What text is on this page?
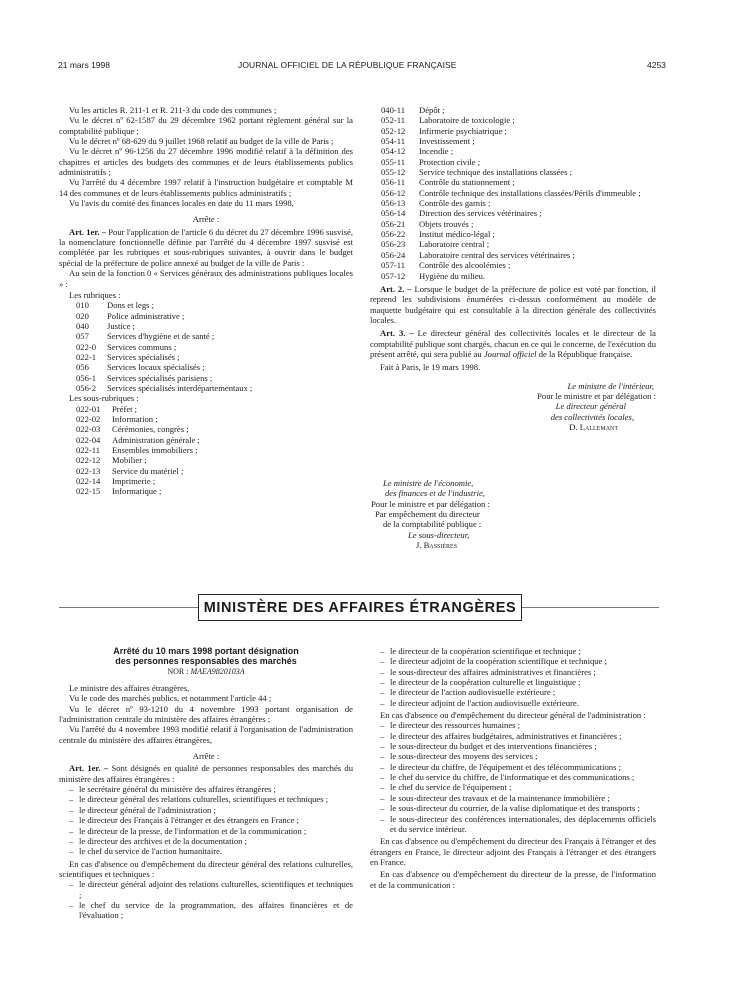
21 mars 1998	JOURNAL OFFICIEL DE LA RÉPUBLIQUE FRANÇAISE	4253

Vu les articles R. 211-1 et R. 211-3 du code des communes ;

Vu le décret nº 62-1587 du 29 décembre 1962 portant règlement général sur la comptabilité publique ;

Vu le décret nº 68-629 du 9 juillet 1968 relatif au budget de la ville de Paris ;

Vu le décret nº 96-1256 du 27 décembre 1996 modifié relatif à la définition des chapitres et articles des budgets des communes et de leurs établissements publics administratifs ;

Vu l'arrêté du 4 décembre 1997 relatif à l'instruction budgétaire et comptable M 14 des communes et de leurs établissements publics administratifs ;

Vu l'avis du comité des finances locales en date du 11 mars 1998,

Arrête :

Art. 1er. – Pour l'application de l'article 6 du décret du 27 décembre 1996 susvisé, la nomenclature fonctionnelle définie par l'arrêté du 4 décembre 1997 susvisé est complétée par les rubriques et sous-rubriques suivantes, à ouvrir dans le budget spécial de la préfecture de police annexé au budget de la ville de Paris :

Au sein de la fonction 0 « Services généraux des administrations publiques locales » :

Les rubriques :

010	Dons et legs ;
020	Police administrative ;
040	Justice ;
057	Services d'hygiène et de santé ;
022-0	Services communs ;
022-1	Services spécialisés ;
056	Services locaux spécialisés ;
056-1	Services spécialisés parisiens ;
056-2	Services spécialisés interdépartementaux ;

Les sous-rubriques :

022-01	Préfet ;
022-02	Information ;
022-03	Cérémonies, congrès ;
022-04	Administration générale ;
022-11	Ensembles immobiliers ;
022-12	Mobilier ;
022-13	Service du matériel ;
022-14	Imprimerie ;
022-15	Informatique ;
040-11	Dépôt ;
052-11	Laboratoire de toxicologie ;
052-12	Infirmerie psychiatrique ;
054-11	Investissement ;
054-12	Incendie ;
055-11	Protection civile ;
055-12	Service technique des installations classées ;
056-11	Contrôle du stationnement ;
056-12	Contrôle technique des installations classées/Périls d'immeuble ;
056-13	Contrôle des garnis ;
056-14	Direction des services vétérinaires ;
056-21	Objets trouvés ;
056-22	Institut médico-légal ;
056-23	Laboratoire central ;
056-24	Laboratoire central des services vétérinaires ;
057-11	Contrôle des alcoolémies ;
057-12	Hygiène du milieu.

Art. 2. – Lorsque le budget de la préfecture de police est voté par fonction, il reprend les subdivisions énumérées ci-dessus conformément au modèle de maquette budgétaire qui est consultable à la direction générale des collectivités locales.

Art. 3. – Le directeur général des collectivités locales et le directeur de la comptabilité publique sont chargés, chacun en ce qui le concerne, de l'exécution du présent arrêté, qui sera publié au Journal officiel de la République française.

Fait à Paris, le 19 mars 1998.

Le ministre de l'intérieur,

Pour le ministre et par délégation :

Le directeur général

des collectivités locales,

D. Lallemant

Le ministre de l'économie,

des finances et de l'industrie,

Pour le ministre et par délégation :

Par empêchement du directeur

de la comptabilité publique :

Le sous-directeur,

J. Bassières

MINISTÈRE DES AFFAIRES ÉTRANGÈRES

Arrêté du 10 mars 1998 portant désignation

des personnes responsables des marchés

NOR : MAEA9820103A

Le ministre des affaires étrangères,

Vu le code des marchés publics, et notamment l'article 44 ;

Vu le décret nº 93-1210 du 4 novembre 1993 portant organisation de l'administration centrale du ministère des affaires étrangères ;

Vu l'arrêté du 4 novembre 1993 modifié relatif à l'organisation de l'administration centrale du ministère des affaires étrangères,

Arrête :

Art. 1er. – Sont désignés en qualité de personnes responsables des marchés du ministère des affaires étrangères :

– le secrétaire général du ministère des affaires étrangères ;
– le directeur général des relations culturelles, scientifiques et techniques ;
– le directeur général de l'administration ;
– le directeur des Français à l'étranger et des étrangers en France ;
– le directeur de la presse, de l'information et de la communication ;
– le directeur des archives et de la documentation ;
– le chef du service de l'action humanitaire.

En cas d'absence ou d'empêchement du directeur général des relations culturelles, scientifiques et techniques :

– le directeur général adjoint des relations culturelles, scientifiques et techniques ;
– le chef du service de la programmation, des affaires financières et de l'évaluation ;
– le directeur de la coopération scientifique et technique ;
– le directeur adjoint de la coopération scientifique et technique ;
– le sous-directeur des affaires administratives et financières ;
– le directeur de la coopération culturelle et linguistique ;
– le directeur de l'action audiovisuelle extérieure ;
– le directeur adjoint de l'action audiovisuelle extérieure.

En cas d'absence ou d'empêchement du directeur général de l'administration :

– le directeur des ressources humaines ;
– le directeur des affaires budgétaires, administratives et financières ;
– le sous-directeur du budget et des interventions financières ;
– le sous-directeur des moyens des services ;
– le directeur du chiffre, de l'équipement et des télécommunications ;
– le chef du service du chiffre, de l'informatique et des communications ;
– le chef du service de l'équipement ;
– le sous-directeur des travaux et de la maintenance immobilière ;
– le sous-directeur du courrier, de la valise diplomatique et des transports ;
– le sous-directeur des conférences internationales, des déplacements officiels et du service intérieur.

En cas d'absence ou d'empêchement du directeur des Français à l'étranger et des étrangers en France, le directeur adjoint des Français à l'étranger et des étrangers en France.

En cas d'absence ou d'empêchement du directeur de la presse, de l'information et de la communication :
